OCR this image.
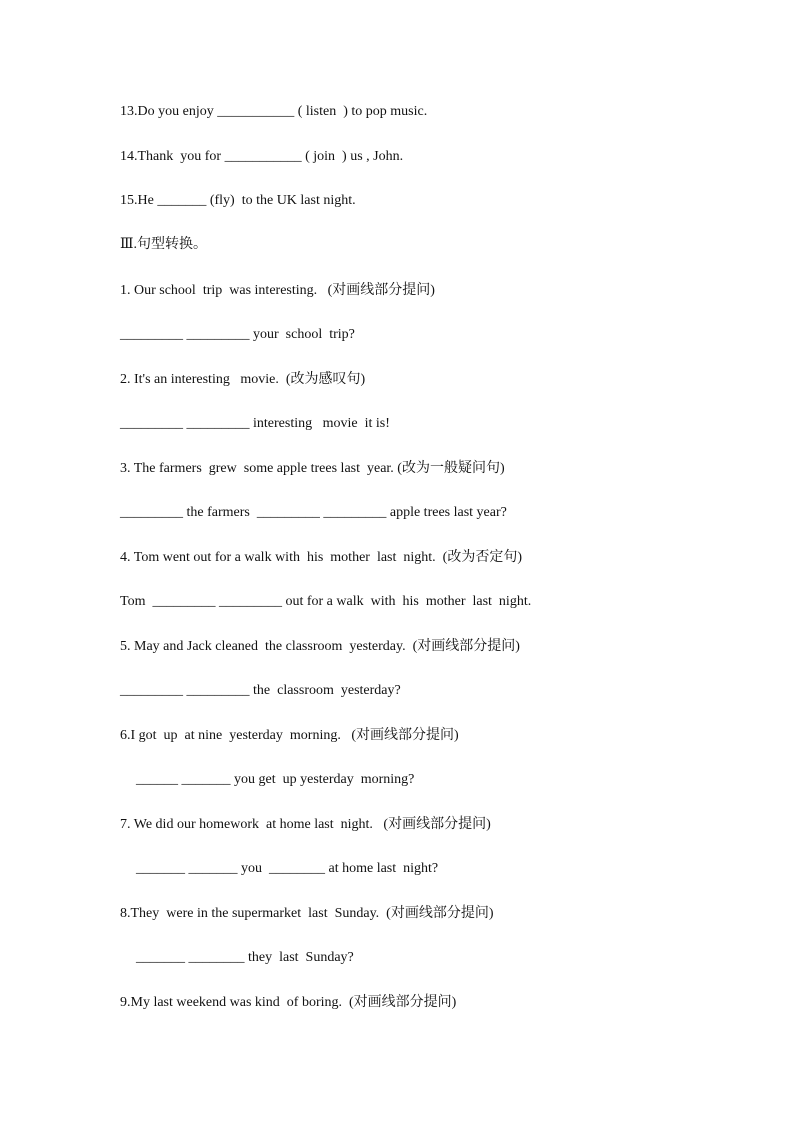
13.Do you enjoy ___________ ( listen  ) to pop music.
14.Thank  you for ___________ ( join  ) us , John.
15.He _______ (fly)  to the UK last night.
Ⅲ.句型转换。
1. Our school  trip  was interesting.   (对画线部分提问)
_________ _________ your  school  trip?
2. It's an interesting   movie.  (改为感叹句)
_________ _________ interesting   movie  it is!
3. The farmers  grew  some apple trees last  year. (改为一般疑问句)
_________ the farmers  _________ _________ apple trees last year?
4. Tom went out for a walk with  his  mother  last  night.  (改为否定句)
Tom  _________ _________ out for a walk  with  his  mother  last  night.
5. May and Jack cleaned  the classroom  yesterday.  (对画线部分提问)
_________ _________ the  classroom  yesterday?
6.I got  up  at nine  yesterday  morning.   (对画线部分提问)
______ _______ you get  up yesterday  morning?
7. We did our homework  at home last  night.   (对画线部分提问)
_______ _______ you  ________ at home last  night?
8.They  were in the supermarket  last  Sunday.  (对画线部分提问)
_______ ________ they  last  Sunday?
9.My last weekend was kind  of boring.  (对画线部分提问)
